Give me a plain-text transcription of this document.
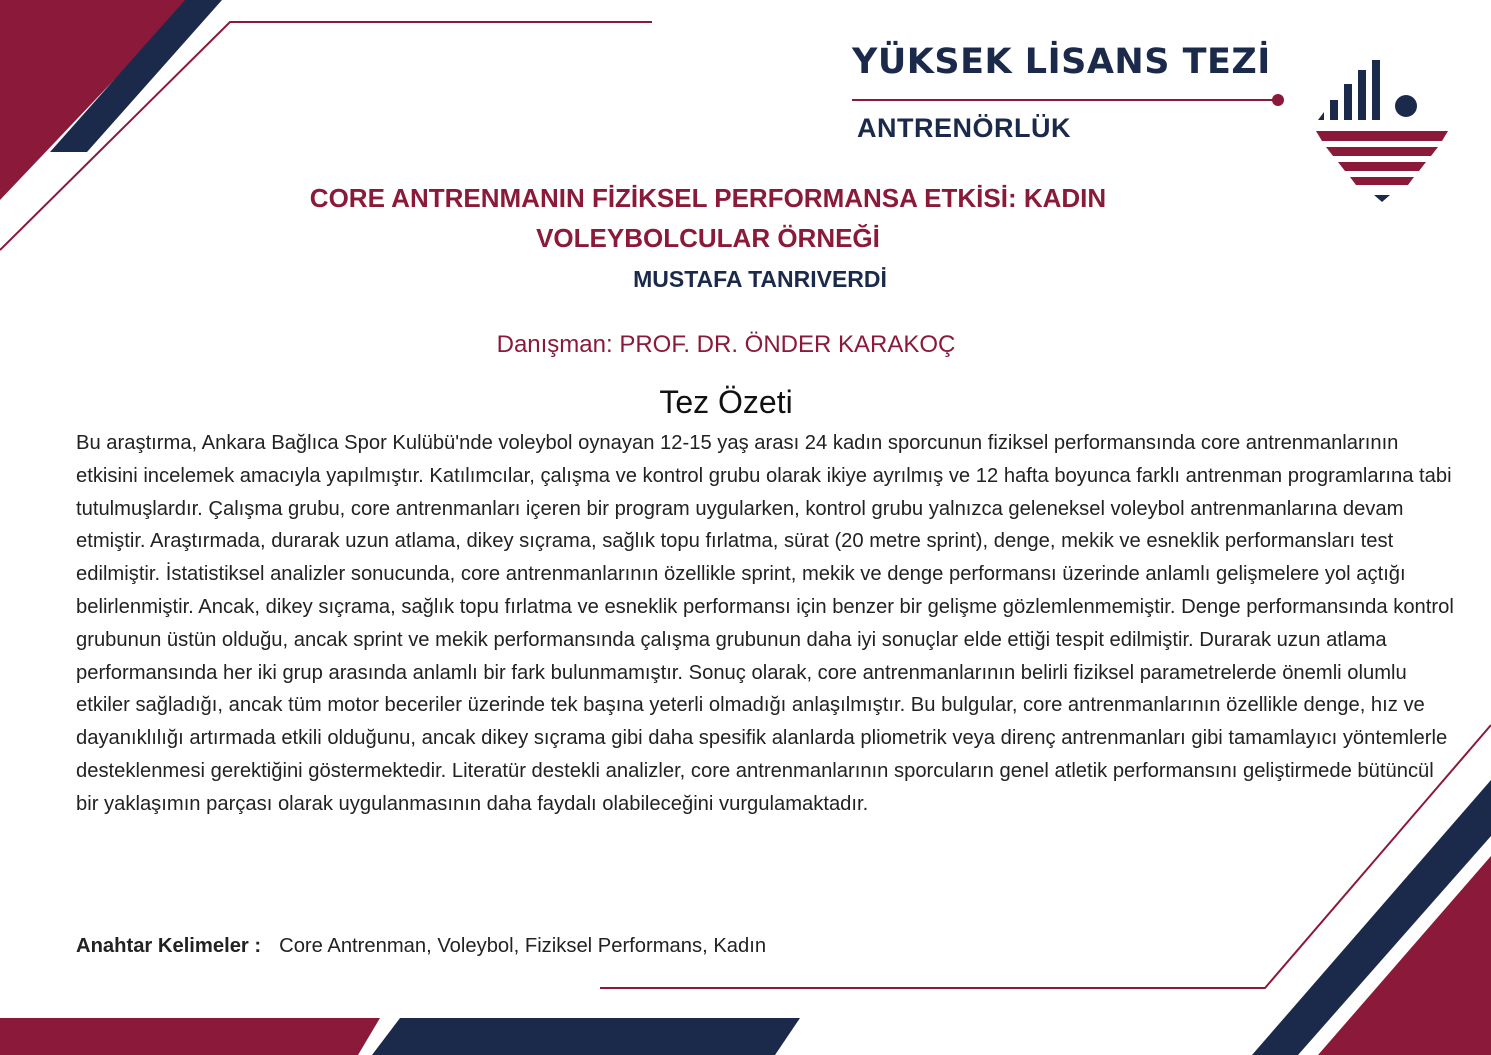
YÜKSEK LİSANS TEZİ
ANTRENÖRLÜK
CORE ANTRENMANIN FİZİKSEL PERFORMANSA ETKİSİ: KADIN VOLEYBOLCULAR ÖRNEĞİ
MUSTAFA TANRIVERDİ
Danışman: PROF. DR. ÖNDER KARAKOÇ
Tez Özeti
Bu araştırma, Ankara Bağlıca Spor Kulübü'nde voleybol oynayan 12-15 yaş arası 24 kadın sporcunun fiziksel performansında core antrenmanlarının etkisini incelemek amacıyla yapılmıştır. Katılımcılar, çalışma ve kontrol grubu olarak ikiye ayrılmış ve 12 hafta boyunca farklı antrenman programlarına tabi tutulmuşlardır. Çalışma grubu, core antrenmanları içeren bir program uygularken, kontrol grubu yalnızca geleneksel voleybol antrenmanlarına devam etmiştir. Araştırmada, durarak uzun atlama, dikey sıçrama, sağlık topu fırlatma, sürat (20 metre sprint), denge, mekik ve esneklik performansları test edilmiştir. İstatistiksel analizler sonucunda, core antrenmanlarının özellikle sprint, mekik ve denge performansı üzerinde anlamlı gelişmelere yol açtığı belirlenmiştir. Ancak, dikey sıçrama, sağlık topu fırlatma ve esneklik performansı için benzer bir gelişme gözlemlenmemiştir. Denge performansında kontrol grubunun üstün olduğu, ancak sprint ve mekik performansında çalışma grubunun daha iyi sonuçlar elde ettiği tespit edilmiştir. Durarak uzun atlama performansında her iki grup arasında anlamlı bir fark bulunmamıştır. Sonuç olarak, core antrenmanlarının belirli fiziksel parametrelerde önemli olumlu etkiler sağladığı, ancak tüm motor beceriler üzerinde tek başına yeterli olmadığı anlaşılmıştır. Bu bulgular, core antrenmanlarının özellikle denge, hız ve dayanıklılığı artırmada etkili olduğunu, ancak dikey sıçrama gibi daha spesifik alanlarda pliometrik veya direnç antrenmanları gibi tamamlayıcı yöntemlerle desteklenmesi gerektiğini göstermektedir. Literatür destekli analizler, core antrenmanlarının sporcuların genel atletik performansını geliştirmede bütüncül bir yaklaşımın parçası olarak uygulanmasının daha faydalı olabileceğini vurgulamaktadır.
Anahtar Kelimeler : Core Antrenman, Voleybol, Fiziksel Performans, Kadın
